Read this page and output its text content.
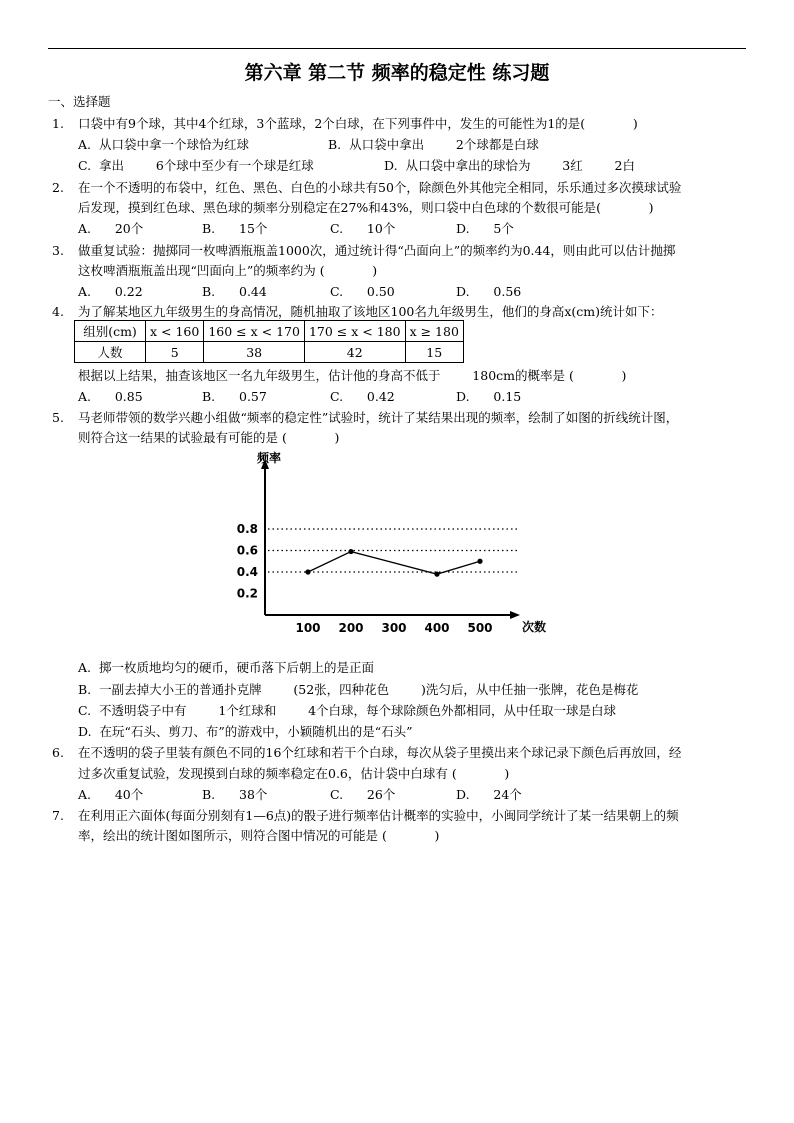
第六章 第二节 频率的稳定性 练习题
一、选择题
1. 口袋中有9个球，其中4个红球，3个蓝球，2个白球，在下列事件中，发生的可能性为1的是(            )
A.  从口袋中拿一个球恰为红球	B.  从口袋中拿出        2个球都是白球
C.  拿出        6个球中至少有一个球是红球	D.  从口袋中拿出的球恰为        3红        2白
2. 在一个不透明的布袋中，红色、黑色、白色的小球共有50个，除颜色外其他完全相同，乐乐通过多次摸球试验
后发现，摸到红色球、黑色球的频率分别稳定在27%和43%，则口袋中白色球的个数很可能是(            )
A.      20个	B.      15个	C.      10个	D.      5个
3. 做重复试验：抛掷同一枚啤酒瓶瓶盖1000次，通过统计得“凸面向上”的频率约为0.44，则由此可以估计抛掷
这枚啤酒瓶瓶盖出现“凹面向上”的频率约为 (            )
A.      0.22	B.      0.44	C.      0.50	D.      0.56
4. 为了解某地区九年级男生的身高情况，随机抽取了该地区100名九年级男生，他们的身高x(cm)统计如下：
组别(cm)	x < 160	160 ≤ x < 170	170 ≤ x < 180	x ≥ 180
人数	5	38	42	15
根据以上结果，抽查该地区一名九年级男生，估计他的身高不低于        180cm的概率是 (            )
A.      0.85	B.      0.57	C.      0.42	D.      0.15
5. 马老师带领的数学兴趣小组做“频率的稳定性”试验时，统计了某结果出现的频率，绘制了如图的折线统计图，
则符合这一结果的试验最有可能的是 (            )
频率
次数
0.2
0.4
0.6
0.8
100 200 300 400 500
A.  掷一枚质地均匀的硬币，硬币落下后朝上的是正面
B.  一副去掉大小王的普通扑克牌        (52张，四种花色        )洗匀后，从中任抽一张牌，花色是梅花
C.  不透明袋子中有        1个红球和        4个白球，每个球除颜色外都相同，从中任取一球是白球
D.  在玩“石头、剪刀、布”的游戏中，小颖随机出的是“石头”
6. 在不透明的袋子里装有颜色不同的16个红球和若干个白球，每次从袋子里摸出来个球记录下颜色后再放回，经
过多次重复试验，发现摸到白球的频率稳定在0.6，估计袋中白球有 (            )
A.      40个	B.      38个	C.      26个	D.      24个
7. 在利用正六面体(每面分别刻有1—6点)的骰子进行频率估计概率的实验中，小闽同学统计了某一结果朝上的频
率，绘出的统计图如图所示，则符合图中情况的可能是 (            )
